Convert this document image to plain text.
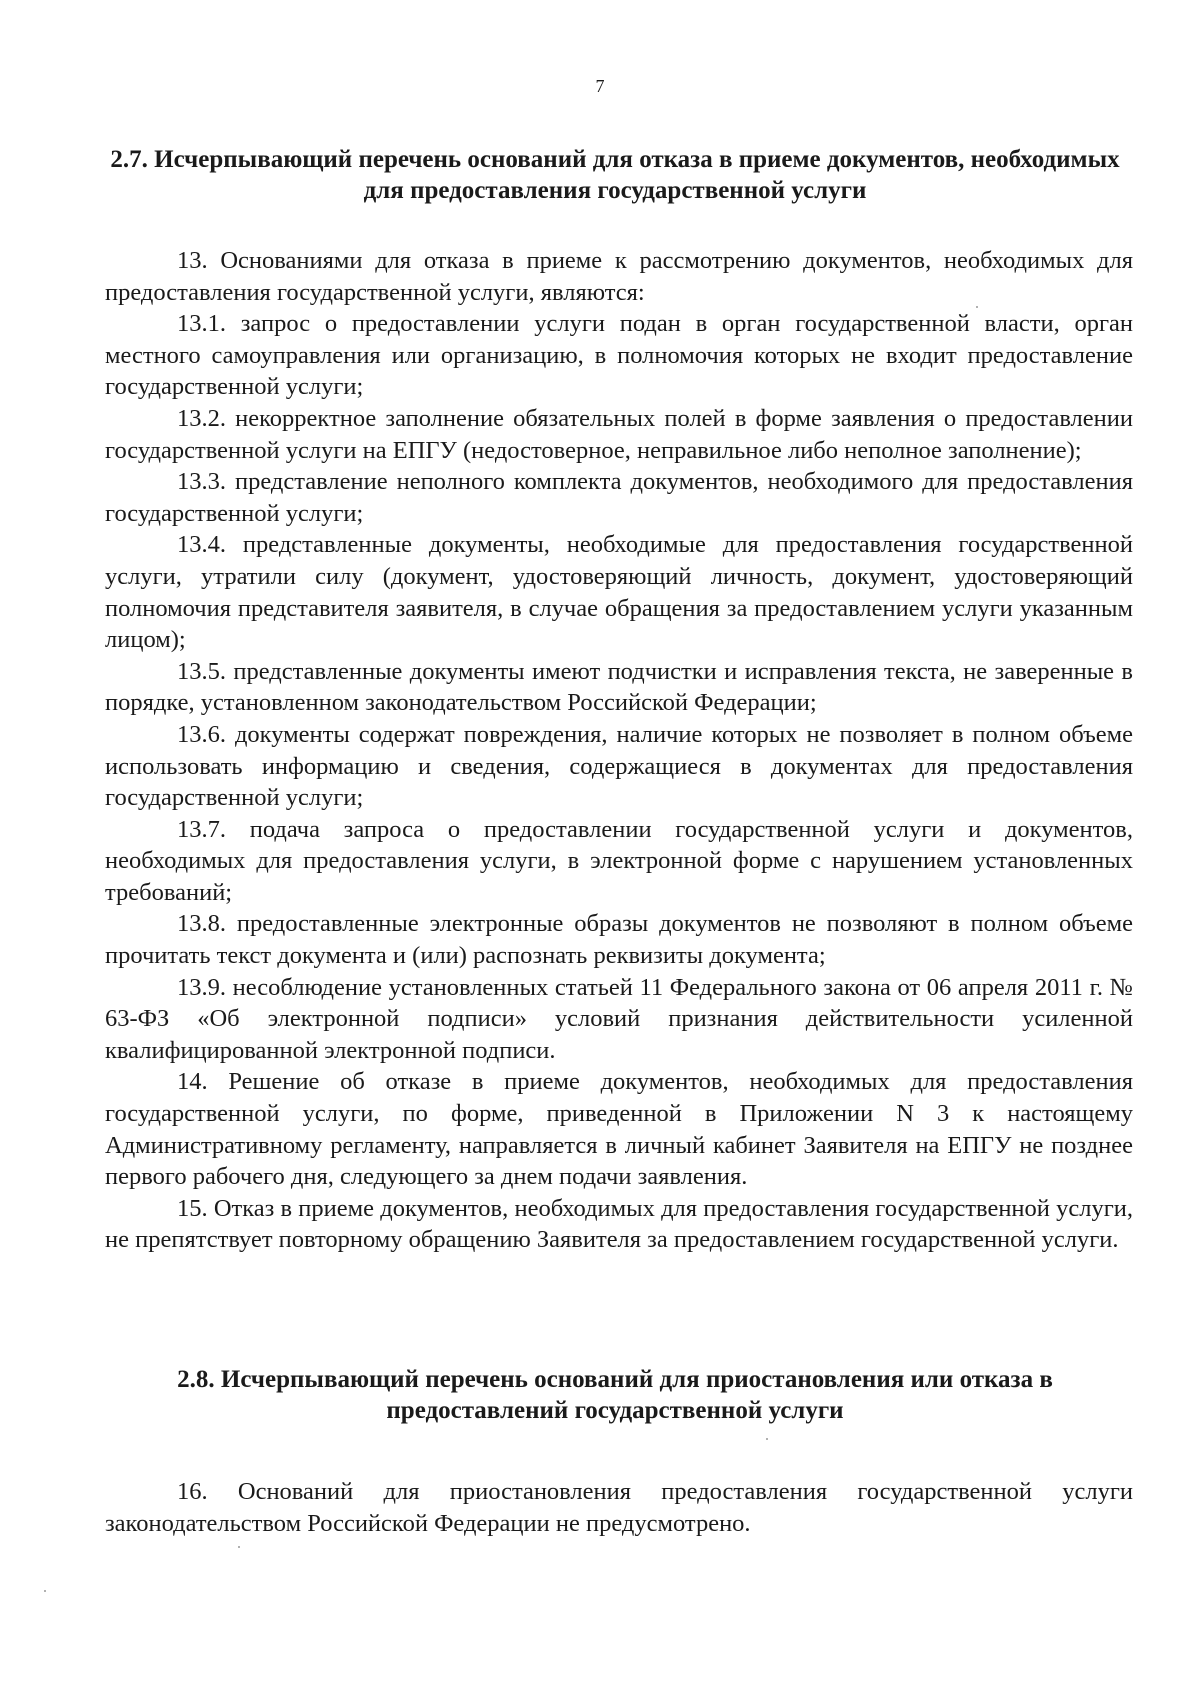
7
2.7. Исчерпывающий перечень оснований для отказа в приеме документов, необходимых для предоставления государственной услуги

13. Основаниями для отказа в приеме к рассмотрению документов, необходимых для предоставления государственной услуги, являются:

13.1. запрос о предоставлении услуги подан в орган государственной власти, орган местного самоуправления или организацию, в полномочия которых не входит предоставление государственной услуги;

13.2. некорректное заполнение обязательных полей в форме заявления о предоставлении государственной услуги на ЕПГУ (недостоверное, неправильное либо неполное заполнение);

13.3. представление неполного комплекта документов, необходимого для предоставления государственной услуги;

13.4. представленные документы, необходимые для предоставления государственной услуги, утратили силу (документ, удостоверяющий личность, документ, удостоверяющий полномочия представителя заявителя, в случае обращения за предоставлением услуги указанным лицом);

13.5. представленные документы имеют подчистки и исправления текста, не заверенные в порядке, установленном законодательством Российской Федерации;

13.6. документы содержат повреждения, наличие которых не позволяет в полном объеме использовать информацию и сведения, содержащиеся в документах для предоставления государственной услуги;

13.7. подача запроса о предоставлении государственной услуги и документов, необходимых для предоставления услуги, в электронной форме с нарушением установленных требований;

13.8. предоставленные электронные образы документов не позволяют в полном объеме прочитать текст документа и (или) распознать реквизиты документа;

13.9. несоблюдение установленных статьей 11 Федерального закона от 06 апреля 2011 г. № 63-ФЗ «Об электронной подписи» условий признания действительности усиленной квалифицированной электронной подписи.

14. Решение об отказе в приеме документов, необходимых для предоставления государственной услуги, по форме, приведенной в Приложении N 3 к настоящему Административному регламенту, направляется в личный кабинет Заявителя на ЕПГУ не позднее первого рабочего дня, следующего за днем подачи заявления.

15. Отказ в приеме документов, необходимых для предоставления государственной услуги, не препятствует повторному обращению Заявителя за предоставлением государственной услуги.

2.8. Исчерпывающий перечень оснований для приостановления или отказа в предоставлений государственной услуги

16. Оснований для приостановления предоставления государственной услуги законодательством Российской Федерации не предусмотрено.
